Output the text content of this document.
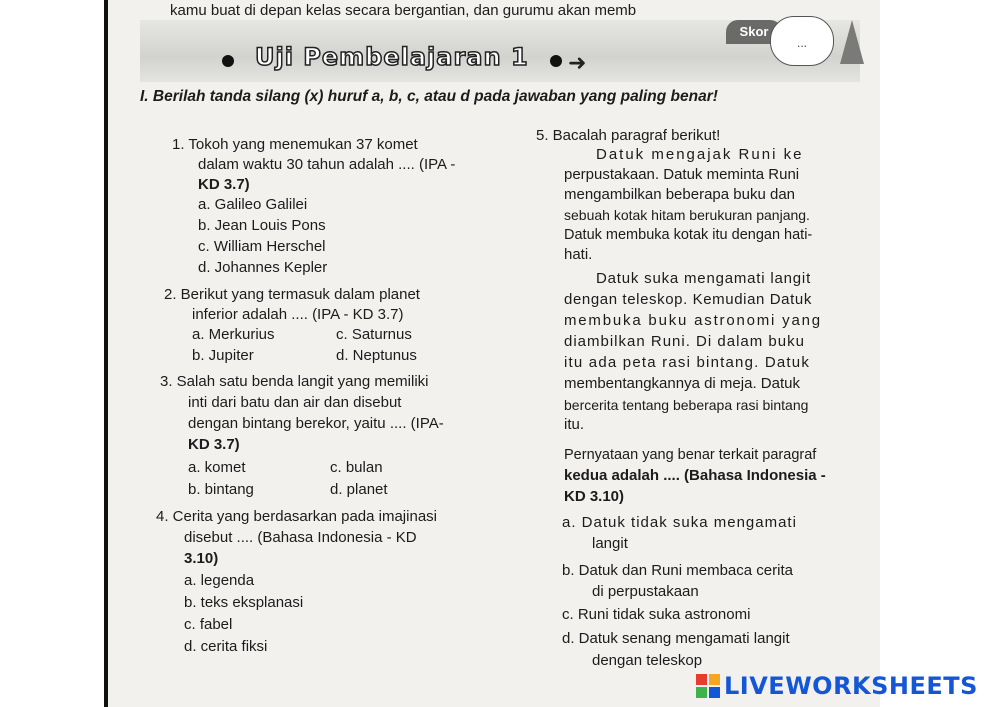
kamu buat di depan kelas secara bergantian, dan gurumu akan memb
Uji Pembelajaran 1 ➜
Skor
...
I. Berilah tanda silang (x) huruf a, b, c, atau d pada jawaban yang paling benar!
1. Tokoh yang menemukan 37 komet
dalam waktu 30 tahun adalah .... (IPA -
KD 3.7)
a. Galileo Galilei
b. Jean Louis Pons
c. William Herschel
d. Johannes Kepler
2. Berikut yang termasuk dalam planet
inferior adalah .... (IPA - KD 3.7)
a. Merkurius	c. Saturnus
b. Jupiter	d. Neptunus
3. Salah satu benda langit yang memiliki
inti dari batu dan air dan disebut
dengan bintang berekor, yaitu .... (IPA-
KD 3.7)
a. komet	c. bulan
b. bintang	d. planet
4. Cerita yang berdasarkan pada imajinasi
disebut .... (Bahasa Indonesia - KD
3.10)
a. legenda
b. teks eksplanasi
c. fabel
d. cerita fiksi
5. Bacalah paragraf berikut!
Datuk mengajak Runi ke
perpustakaan. Datuk meminta Runi
mengambilkan beberapa buku dan
sebuah kotak hitam berukuran panjang.
Datuk membuka kotak itu dengan hati-
hati.
Datuk suka mengamati langit
dengan teleskop. Kemudian Datuk
membuka buku astronomi yang
diambilkan Runi. Di dalam buku
itu ada peta rasi bintang. Datuk
membentangkannya di meja. Datuk
bercerita tentang beberapa rasi bintang
itu.
Pernyataan yang benar terkait paragraf
kedua adalah .... (Bahasa Indonesia -
KD 3.10)
a. Datuk tidak suka mengamati
langit
b. Datuk dan Runi membaca cerita
di perpustakaan
c. Runi tidak suka astronomi
d. Datuk senang mengamati langit
dengan teleskop
LIVEWORKSHEETS
